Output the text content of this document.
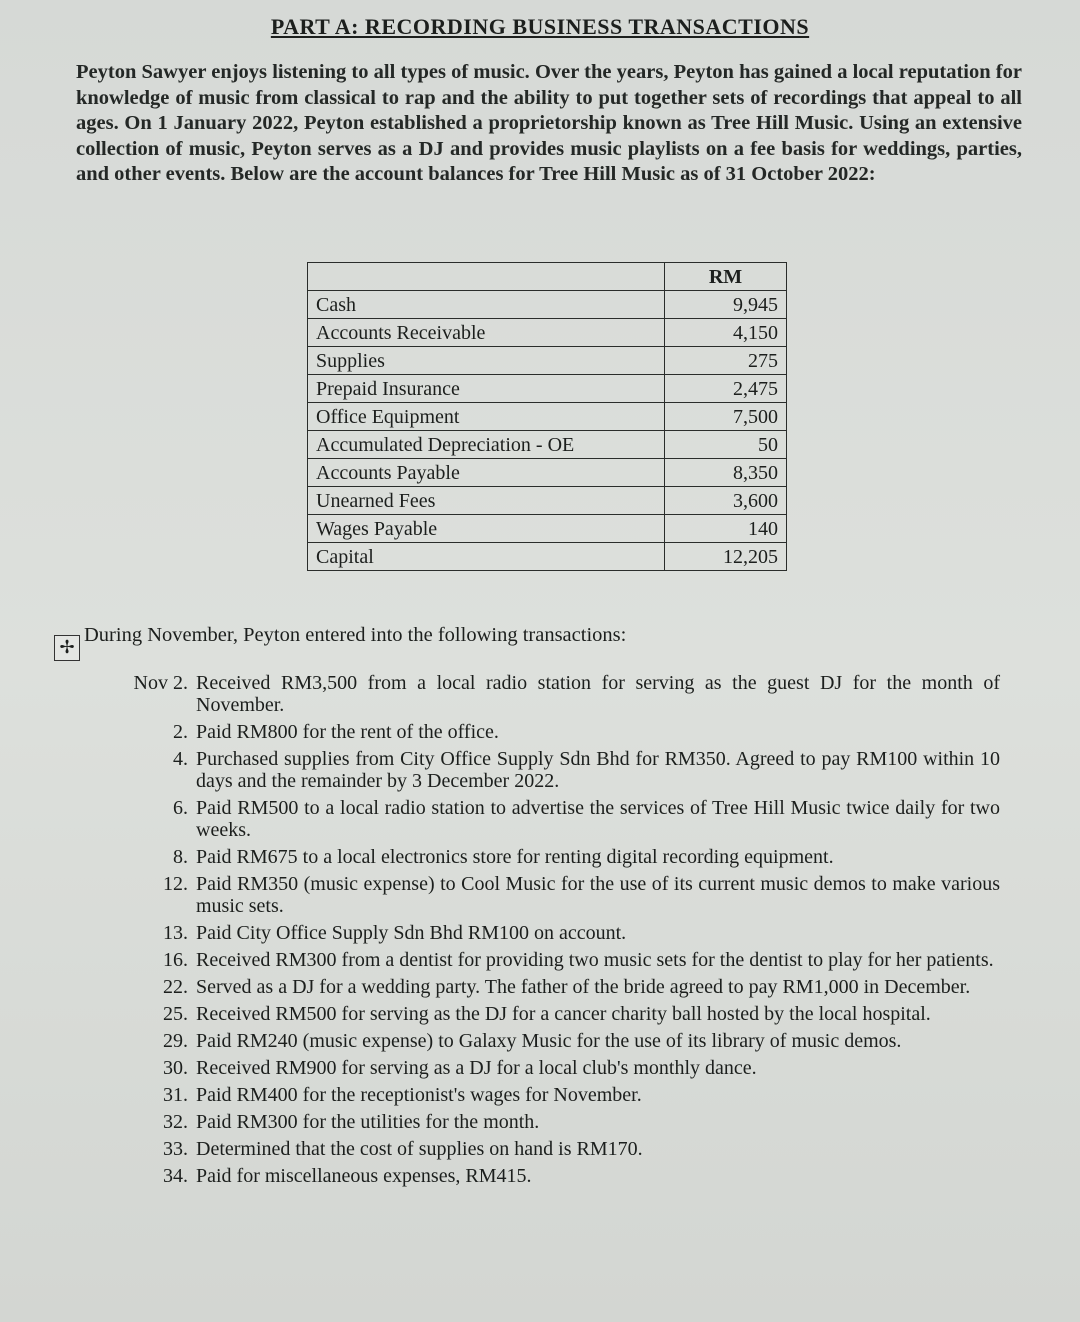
PART A: RECORDING BUSINESS TRANSACTIONS
Peyton Sawyer enjoys listening to all types of music. Over the years, Peyton has gained a local reputation for knowledge of music from classical to rap and the ability to put together sets of recordings that appeal to all ages. On 1 January 2022, Peyton established a proprietorship known as Tree Hill Music. Using an extensive collection of music, Peyton serves as a DJ and provides music playlists on a fee basis for weddings, parties, and other events. Below are the account balances for Tree Hill Music as of 31 October 2022:
	RM
Cash	9,945
Accounts Receivable	4,150
Supplies	275
Prepaid Insurance	2,475
Office Equipment	7,500
Accumulated Depreciation - OE	50
Accounts Payable	8,350
Unearned Fees	3,600
Wages Payable	140
Capital	12,205
✢
During November, Peyton entered into the following transactions:
Nov 2. Received RM3,500 from a local radio station for serving as the guest DJ for the month of November.
2. Paid RM800 for the rent of the office.
4. Purchased supplies from City Office Supply Sdn Bhd for RM350. Agreed to pay RM100 within 10 days and the remainder by 3 December 2022.
6. Paid RM500 to a local radio station to advertise the services of Tree Hill Music twice daily for two weeks.
8. Paid RM675 to a local electronics store for renting digital recording equipment.
12. Paid RM350 (music expense) to Cool Music for the use of its current music demos to make various music sets.
13. Paid City Office Supply Sdn Bhd RM100 on account.
16. Received RM300 from a dentist for providing two music sets for the dentist to play for her patients.
22. Served as a DJ for a wedding party. The father of the bride agreed to pay RM1,000 in December.
25. Received RM500 for serving as the DJ for a cancer charity ball hosted by the local hospital.
29. Paid RM240 (music expense) to Galaxy Music for the use of its library of music demos.
30. Received RM900 for serving as a DJ for a local club's monthly dance.
31. Paid RM400 for the receptionist's wages for November.
32. Paid RM300 for the utilities for the month.
33. Determined that the cost of supplies on hand is RM170.
34. Paid for miscellaneous expenses, RM415.
